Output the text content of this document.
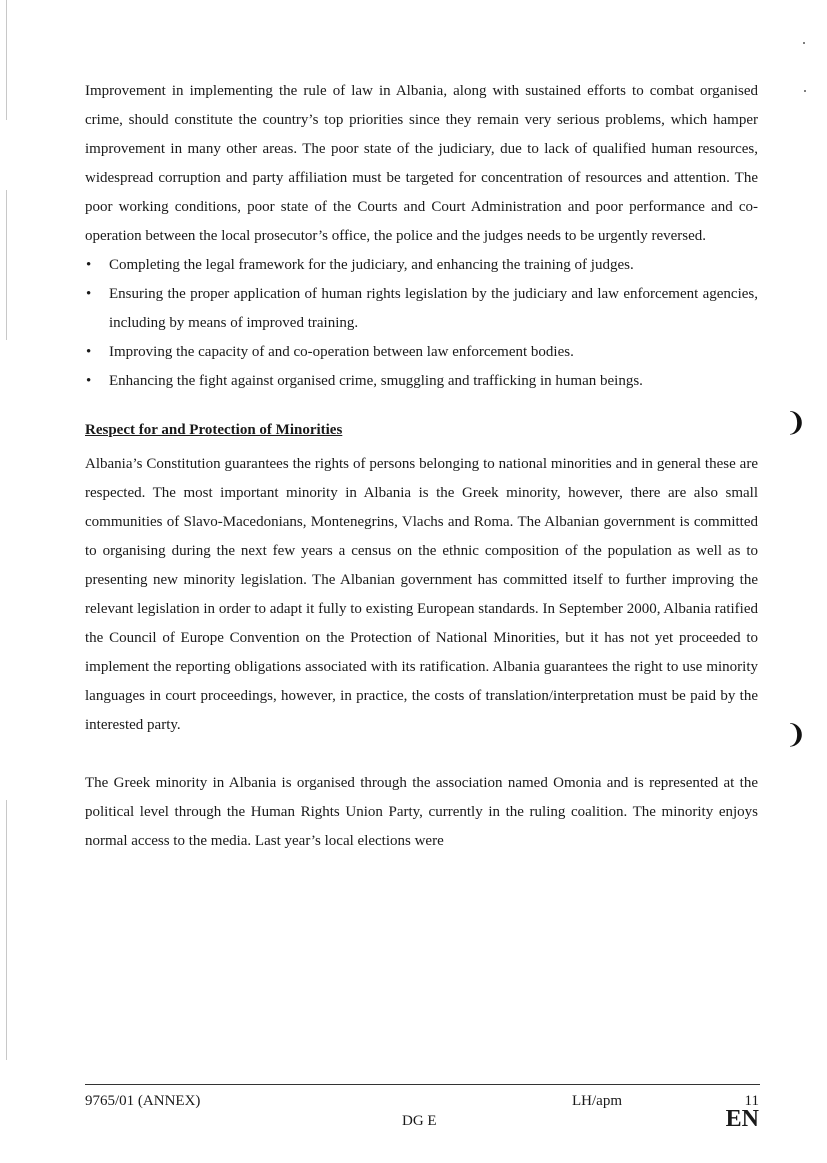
Improvement in implementing the rule of law in Albania, along with sustained efforts to combat organised crime, should constitute the country’s top priorities since they remain very serious problems, which hamper improvement in many other areas. The poor state of the judiciary, due to lack of qualified human resources, widespread corruption and party affiliation must be targeted for concentration of resources and attention. The poor working conditions, poor state of the Courts and Court Administration and poor performance and co-operation between the local prosecutor’s office, the police and the judges needs to be urgently reversed.

• Completing the legal framework for the judiciary, and enhancing the training of judges.
• Ensuring the proper application of human rights legislation by the judiciary and law enforcement agencies, including by means of improved training.
• Improving the capacity of and co-operation between law enforcement bodies.
• Enhancing the fight against organised crime, smuggling and trafficking in human beings.
Respect for and Protection of Minorities

Albania’s Constitution guarantees the rights of persons belonging to national minorities and in general these are respected. The most important minority in Albania is the Greek minority, however, there are also small communities of Slavo-Macedonians, Montenegrins, Vlachs and Roma. The Albanian government is committed to organising during the next few years a census on the ethnic composition of the population as well as to presenting new minority legislation. The Albanian government has committed itself to further improving the relevant legislation in order to adapt it fully to existing European standards. In September 2000, Albania ratified the Council of Europe Convention on the Protection of National Minorities, but it has not yet proceeded to implement the reporting obligations associated with its ratification. Albania guarantees the right to use minority languages in court proceedings, however, in practice, the costs of translation/interpretation must be paid by the interested party.

The Greek minority in Albania is organised through the association named Omonia and is represented at the political level through the Human Rights Union Party, currently in the ruling coalition. The minority enjoys normal access to the media. Last year’s local elections were

❩
❩
9765/01 (ANNEX)	LH/apm	11
DG E	EN
